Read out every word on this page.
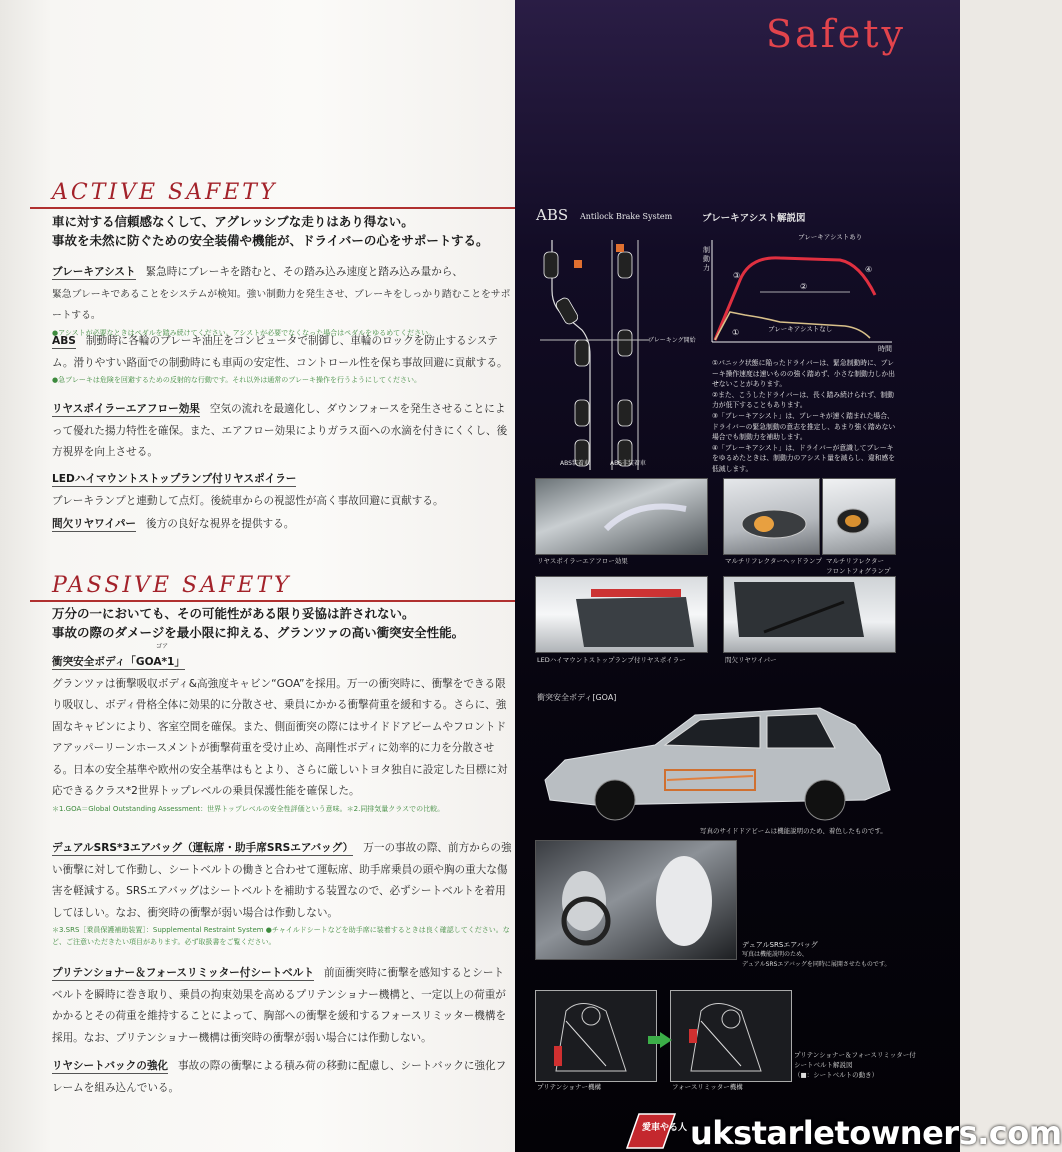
ACTIVE SAFETY
車に対する信頼感なくして、アグレッシブな走りはあり得ない。
事故を未然に防ぐための安全装備や機能が、ドライバーの心をサポートする。
ブレーキアシスト 緊急時にブレーキを踏むと、その踏み込み速度と踏み込み量から、
緊急ブレーキであることをシステムが検知。強い制動力を発生させ、ブレーキをしっかり踏むことをサポートする。
●アシストが必要なときはペダルを踏み続けてください。アシストが必要でなくなった場合はペダルをゆるめてください。
ABS 制動時に各輪のブレーキ油圧をコンピュータで制御し、車輪のロックを防止するシステム。滑りやすい路面での制動時にも車両の安定性、コントロール性を保ち事故回避に貢献する。
●急ブレーキは危険を回避するための反射的な行動です。それ以外は通常のブレーキ操作を行うようにしてください。
リヤスポイラーエアフロー効果 空気の流れを最適化し、ダウンフォースを発生させることによって優れた揚力特性を確保。また、エアフロー効果によりガラス面への水滴を付きにくくし、後方視界を向上させる。
LEDハイマウントストップランプ付リヤスポイラー
ブレーキランプと連動して点灯。後続車からの視認性が高く事故回避に貢献する。
間欠リヤワイパー 後方の良好な視界を提供する。
PASSIVE SAFETY
万分の一においても、その可能性がある限り妥協は許されない。
事故の際のダメージを最小限に抑える、グランツァの高い衝突安全性能。
ゴア
衝突安全ボディ「GOA*1」
グランツァは衝撃吸収ボディ&高強度キャビン“GOA”を採用。万一の衝突時に、衝撃をできる限り吸収し、ボディ骨格全体に効果的に分散させ、乗員にかかる衝撃荷重を緩和する。さらに、強固なキャビンにより、客室空間を確保。また、側面衝突の際にはサイドドアビームやフロントドアアッパーリーンホースメントが衝撃荷重を受け止め、高剛性ボディに効率的に力を分散させる。日本の安全基準や欧州の安全基準はもとより、さらに厳しいトヨタ独自に設定した目標に対応できるクラス*2世界トップレベルの乗員保護性能を確保した。
＊1.GOA＝Global Outstanding Assessment：世界トップレベルの安全性評価という意味。＊2.同排気量クラスでの比較。
デュアルSRS*3エアバッグ（運転席・助手席SRSエアバッグ） 万一の事故の際、前方からの強い衝撃に対して作動し、シートベルトの働きと合わせて運転席、助手席乗員の頭や胸の重大な傷害を軽減する。SRSエアバッグはシートベルトを補助する装置なので、必ずシートベルトを着用してほしい。なお、衝突時の衝撃が弱い場合は作動しない。
＊3.SRS［乗員保護補助装置］：Supplemental Restraint System ●チャイルドシートなどを助手席に装着するときは良く確認してください。など、ご注意いただきたい項目があります。必ず取扱書をご覧ください。
プリテンショナー＆フォースリミッター付シートベルト 前面衝突時に衝撃を感知するとシートベルトを瞬時に巻き取り、乗員の拘束効果を高めるプリテンショナー機構と、一定以上の荷重がかかるとその荷重を維持することによって、胸部への衝撃を緩和するフォースリミッター機構を採用。なお、プリテンショナー機構は衝突時の衝撃が弱い場合には作動しない。
リヤシートバックの強化 事故の際の衝撃による積み荷の移動に配慮し、シートバックに強化フレームを組み込んでいる。
Safety
ABS Antilock Brake System
ブレーキング開始
ABS装着車	ABS非装着車
ブレーキアシスト解説図
③
①
②
④
制動力
時間
ブレーキアシストあり
ブレーキアシストなし
①パニック状態に陥ったドライバーは、緊急制動時に、ブレーキ操作速度は速いものの強く踏めず、小さな制動力しか出せないことがあります。
②また、こうしたドライバーは、長く踏み続けられず、制動力が低下することもあります。
③「ブレーキアシスト」は、ブレーキが速く踏まれた場合、ドライバーの緊急制動の意志を推定し、あまり強く踏めない場合でも制動力を補助します。
④「ブレーキアシスト」は、ドライバーが意識してブレーキをゆるめたときは、制動力のアシスト量を減らし、違和感を低減します。
リヤスポイラーエアフロー効果	マルチリフレクターヘッドランプ マルチリフレクター
フロントフォグランプ
LEDハイマウントストップランプ付リヤスポイラー	間欠リヤワイパー
衝突安全ボディ[GOA]
写真のサイドドアビームは機能説明のため、着色したものです。
デュアルSRSエアバッグ
写真は機能説明のため、
デュアルSRSエアバッグを同時に展開させたものです。
プリテンショナー機構	フォースリミッター機構
プリテンショナー＆フォースリミッター付
シートベルト解説図
（■：シートベルトの動き）
愛車やる人 ukstarletowners.com
